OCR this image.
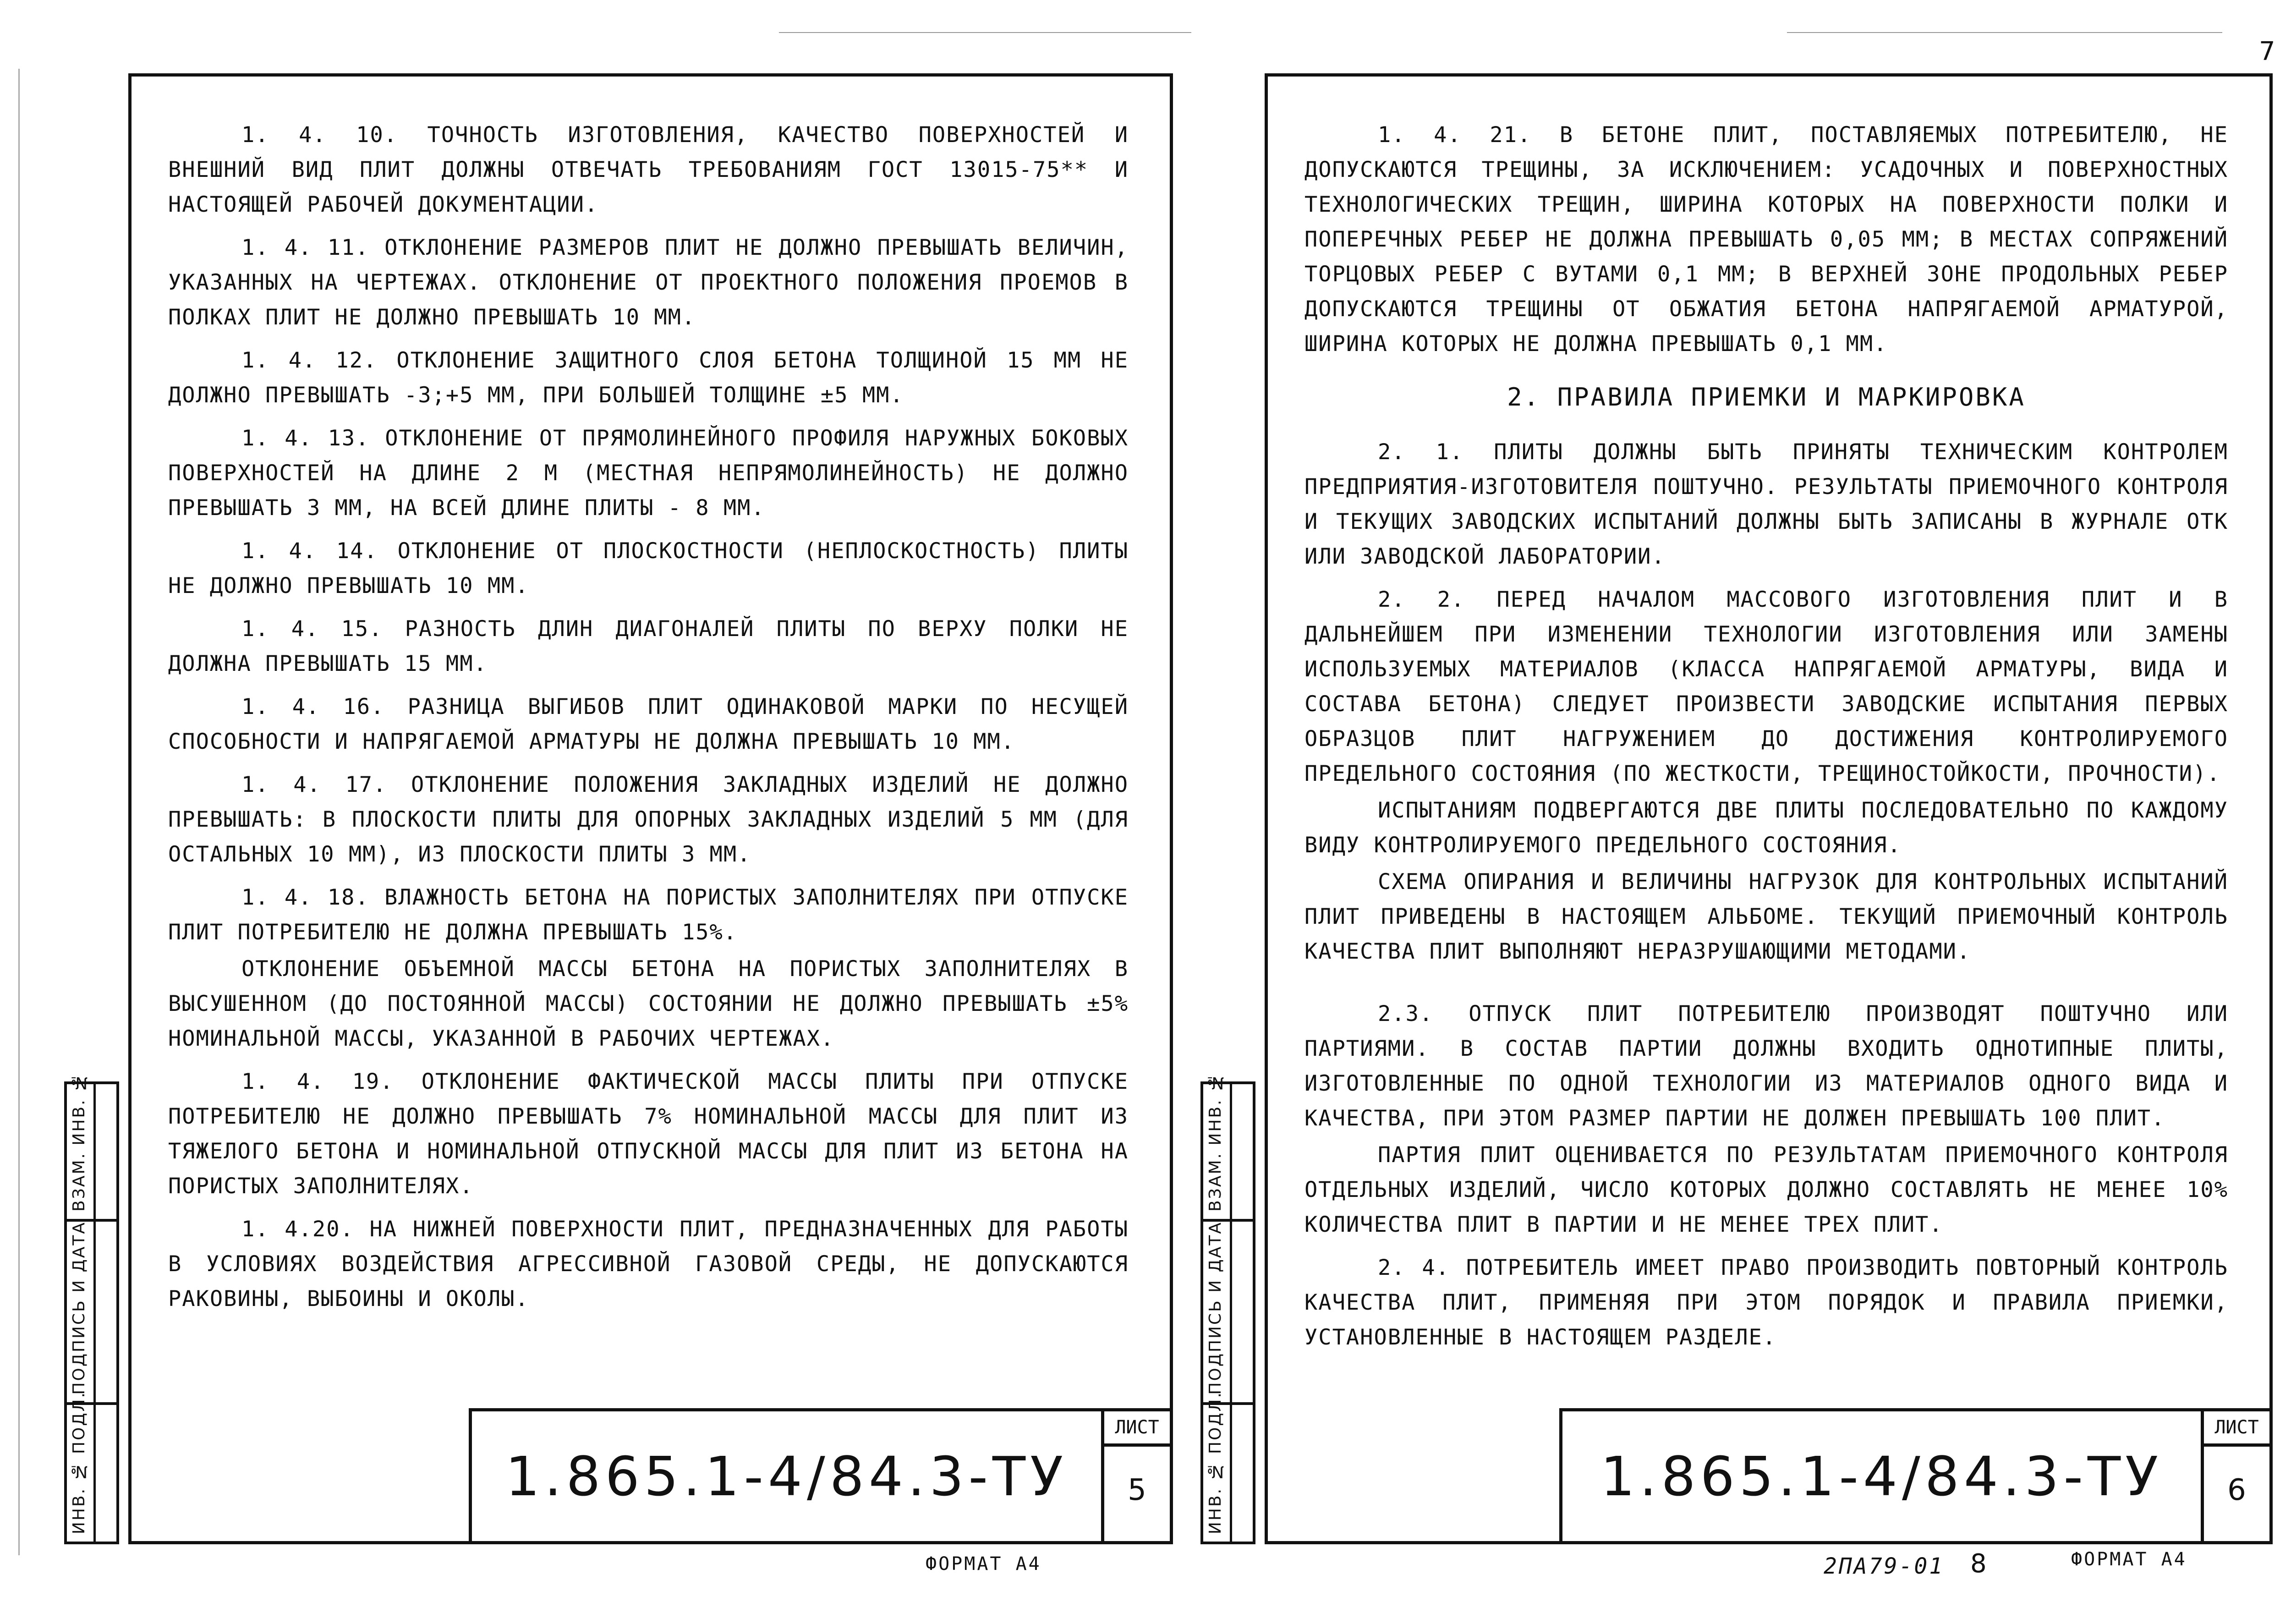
1. 4. 10. ТОЧНОСТЬ ИЗГОТОВЛЕНИЯ, КАЧЕСТВО ПОВЕРХНОСТЕЙ И ВНЕШНИЙ ВИД ПЛИТ ДОЛЖНЫ ОТВЕЧАТЬ ТРЕБОВАНИЯМ ГОСТ 13015-75** И НАСТОЯЩЕЙ РАБОЧЕЙ ДОКУМЕНТАЦИИ.

1. 4. 11. ОТКЛОНЕНИЕ РАЗМЕРОВ ПЛИТ НЕ ДОЛЖНО ПРЕВЫШАТЬ ВЕЛИЧИН, УКАЗАННЫХ НА ЧЕРТЕЖАХ. ОТКЛОНЕНИЕ ОТ ПРОЕКТНОГО ПОЛОЖЕНИЯ ПРОЕМОВ В ПОЛКАХ ПЛИТ НЕ ДОЛЖНО ПРЕВЫШАТЬ 10 ММ.

1. 4. 12. ОТКЛОНЕНИЕ ЗАЩИТНОГО СЛОЯ БЕТОНА ТОЛЩИНОЙ 15 ММ НЕ ДОЛЖНО ПРЕВЫШАТЬ -3;+5 ММ, ПРИ БОЛЬШЕЙ ТОЛЩИНЕ ±5 ММ.

1. 4. 13. ОТКЛОНЕНИЕ ОТ ПРЯМОЛИНЕЙНОГО ПРОФИЛЯ НАРУЖНЫХ БОКОВЫХ ПОВЕРХНОСТЕЙ НА ДЛИНЕ 2 М (МЕСТНАЯ НЕПРЯМОЛИНЕЙНОСТЬ) НЕ ДОЛЖНО ПРЕВЫШАТЬ 3 ММ, НА ВСЕЙ ДЛИНЕ ПЛИТЫ - 8 ММ.

1. 4. 14. ОТКЛОНЕНИЕ ОТ ПЛОСКОСТНОСТИ (НЕПЛОСКОСТНОСТЬ) ПЛИТЫ НЕ ДОЛЖНО ПРЕВЫШАТЬ 10 ММ.

1. 4. 15. РАЗНОСТЬ ДЛИН ДИАГОНАЛЕЙ ПЛИТЫ ПО ВЕРХУ ПОЛКИ НЕ ДОЛЖНА ПРЕВЫШАТЬ 15 ММ.

1. 4. 16. РАЗНИЦА ВЫГИБОВ ПЛИТ ОДИНАКОВОЙ МАРКИ ПО НЕСУЩЕЙ СПОСОБНОСТИ И НАПРЯГАЕМОЙ АРМАТУРЫ НЕ ДОЛЖНА ПРЕВЫШАТЬ 10 ММ.

1. 4. 17. ОТКЛОНЕНИЕ ПОЛОЖЕНИЯ ЗАКЛАДНЫХ ИЗДЕЛИЙ НЕ ДОЛЖНО ПРЕВЫШАТЬ: В ПЛОСКОСТИ ПЛИТЫ ДЛЯ ОПОРНЫХ ЗАКЛАДНЫХ ИЗДЕЛИЙ 5 ММ (ДЛЯ ОСТАЛЬНЫХ 10 ММ), ИЗ ПЛОСКОСТИ ПЛИТЫ 3 ММ.

1. 4. 18. ВЛАЖНОСТЬ БЕТОНА НА ПОРИСТЫХ ЗАПОЛНИТЕЛЯХ ПРИ ОТПУСКЕ ПЛИТ ПОТРЕБИТЕЛЮ НЕ ДОЛЖНА ПРЕВЫШАТЬ 15%.

ОТКЛОНЕНИЕ ОБЪЕМНОЙ МАССЫ БЕТОНА НА ПОРИСТЫХ ЗАПОЛНИТЕЛЯХ В ВЫСУШЕННОМ (ДО ПОСТОЯННОЙ МАССЫ) СОСТОЯНИИ НЕ ДОЛЖНО ПРЕВЫШАТЬ ±5% НОМИНАЛЬНОЙ МАССЫ, УКАЗАННОЙ В РАБОЧИХ ЧЕРТЕЖАХ.

1. 4. 19. ОТКЛОНЕНИЕ ФАКТИЧЕСКОЙ МАССЫ ПЛИТЫ ПРИ ОТПУСКЕ ПОТРЕБИТЕЛЮ НЕ ДОЛЖНО ПРЕВЫШАТЬ 7% НОМИНАЛЬНОЙ МАССЫ ДЛЯ ПЛИТ ИЗ ТЯЖЕЛОГО БЕТОНА И НОМИНАЛЬНОЙ ОТПУСКНОЙ МАССЫ ДЛЯ ПЛИТ ИЗ БЕТОНА НА ПОРИСТЫХ ЗАПОЛНИТЕЛЯХ.

1. 4.20. НА НИЖНЕЙ ПОВЕРХНОСТИ ПЛИТ, ПРЕДНАЗНАЧЕННЫХ ДЛЯ РАБОТЫ В УСЛОВИЯХ ВОЗДЕЙСТВИЯ АГРЕССИВНОЙ ГАЗОВОЙ СРЕДЫ, НЕ ДОПУСКАЮТСЯ РАКОВИНЫ, ВЫБОИНЫ И ОКОЛЫ.

1.865.1-4/84.3-ТУ
ЛИСТ
5
ВЗАМ. ИНВ. №
ПОДПИСЬ И ДАТА
ИНВ. № ПОДЛ.
ФОРМАТ А4

1. 4. 21. В БЕТОНЕ ПЛИТ, ПОСТАВЛЯЕМЫХ ПОТРЕБИТЕЛЮ, НЕ ДОПУСКАЮТСЯ ТРЕЩИНЫ, ЗА ИСКЛЮЧЕНИЕМ: УСАДОЧНЫХ И ПОВЕРХНОСТНЫХ ТЕХНОЛОГИЧЕСКИХ ТРЕЩИН, ШИРИНА КОТОРЫХ НА ПОВЕРХНОСТИ ПОЛКИ И ПОПЕРЕЧНЫХ РЕБЕР НЕ ДОЛЖНА ПРЕВЫШАТЬ 0,05 ММ; В МЕСТАХ СОПРЯЖЕНИЙ ТОРЦОВЫХ РЕБЕР С ВУТАМИ 0,1 ММ; В ВЕРХНЕЙ ЗОНЕ ПРОДОЛЬНЫХ РЕБЕР ДОПУСКАЮТСЯ ТРЕЩИНЫ ОТ ОБЖАТИЯ БЕТОНА НАПРЯГАЕМОЙ АРМАТУРОЙ, ШИРИНА КОТОРЫХ НЕ ДОЛЖНА ПРЕВЫШАТЬ 0,1 ММ.

2. ПРАВИЛА ПРИЕМКИ И МАРКИРОВКА

2. 1. ПЛИТЫ ДОЛЖНЫ БЫТЬ ПРИНЯТЫ ТЕХНИЧЕСКИМ КОНТРОЛЕМ ПРЕДПРИЯТИЯ-ИЗГОТОВИТЕЛЯ ПОШТУЧНО. РЕЗУЛЬТАТЫ ПРИЕМОЧНОГО КОНТРОЛЯ И ТЕКУЩИХ ЗАВОДСКИХ ИСПЫТАНИЙ ДОЛЖНЫ БЫТЬ ЗАПИСАНЫ В ЖУРНАЛЕ ОТК ИЛИ ЗАВОДСКОЙ ЛАБОРАТОРИИ.

2. 2. ПЕРЕД НАЧАЛОМ МАССОВОГО ИЗГОТОВЛЕНИЯ ПЛИТ И В ДАЛЬНЕЙШЕМ ПРИ ИЗМЕНЕНИИ ТЕХНОЛОГИИ ИЗГОТОВЛЕНИЯ ИЛИ ЗАМЕНЫ ИСПОЛЬЗУЕМЫХ МАТЕРИАЛОВ (КЛАССА НАПРЯГАЕМОЙ АРМАТУРЫ, ВИДА И СОСТАВА БЕТОНА) СЛЕДУЕТ ПРОИЗВЕСТИ ЗАВОДСКИЕ ИСПЫТАНИЯ ПЕРВЫХ ОБРАЗЦОВ ПЛИТ НАГРУЖЕНИЕМ ДО ДОСТИЖЕНИЯ КОНТРОЛИРУЕМОГО ПРЕДЕЛЬНОГО СОСТОЯНИЯ (ПО ЖЕСТКОСТИ, ТРЕЩИНОСТОЙКОСТИ, ПРОЧНОСТИ).

ИСПЫТАНИЯМ ПОДВЕРГАЮТСЯ ДВЕ ПЛИТЫ ПОСЛЕДОВАТЕЛЬНО ПО КАЖДОМУ ВИДУ КОНТРОЛИРУЕМОГО ПРЕДЕЛЬНОГО СОСТОЯНИЯ.

СХЕМА ОПИРАНИЯ И ВЕЛИЧИНЫ НАГРУЗОК ДЛЯ КОНТРОЛЬНЫХ ИСПЫТАНИЙ ПЛИТ ПРИВЕДЕНЫ В НАСТОЯЩЕМ АЛЬБОМЕ. ТЕКУЩИЙ ПРИЕМОЧНЫЙ КОНТРОЛЬ КАЧЕСТВА ПЛИТ ВЫПОЛНЯЮТ НЕРАЗРУШАЮЩИМИ МЕТОДАМИ.

2.3. ОТПУСК ПЛИТ ПОТРЕБИТЕЛЮ ПРОИЗВОДЯТ ПОШТУЧНО ИЛИ ПАРТИЯМИ. В СОСТАВ ПАРТИИ ДОЛЖНЫ ВХОДИТЬ ОДНОТИПНЫЕ ПЛИТЫ, ИЗГОТОВЛЕННЫЕ ПО ОДНОЙ ТЕХНОЛОГИИ ИЗ МАТЕРИАЛОВ ОДНОГО ВИДА И КАЧЕСТВА, ПРИ ЭТОМ РАЗМЕР ПАРТИИ НЕ ДОЛЖЕН ПРЕВЫШАТЬ 100 ПЛИТ.

ПАРТИЯ ПЛИТ ОЦЕНИВАЕТСЯ ПО РЕЗУЛЬТАТАМ ПРИЕМОЧНОГО КОНТРОЛЯ ОТДЕЛЬНЫХ ИЗДЕЛИЙ, ЧИСЛО КОТОРЫХ ДОЛЖНО СОСТАВЛЯТЬ НЕ МЕНЕЕ 10% КОЛИЧЕСТВА ПЛИТ В ПАРТИИ И НЕ МЕНЕЕ ТРЕХ ПЛИТ.

2. 4. ПОТРЕБИТЕЛЬ ИМЕЕТ ПРАВО ПРОИЗВОДИТЬ ПОВТОРНЫЙ КОНТРОЛЬ КАЧЕСТВА ПЛИТ, ПРИМЕНЯЯ ПРИ ЭТОМ ПОРЯДОК И ПРАВИЛА ПРИЕМКИ, УСТАНОВЛЕННЫЕ В НАСТОЯЩЕМ РАЗДЕЛЕ.

1.865.1-4/84.3-ТУ
ЛИСТ
6
ВЗАМ. ИНВ. №
ПОДПИСЬ И ДАТА
ИНВ. № ПОДЛ.
2ПА79-01 8	ФОРМАТ А4
7
